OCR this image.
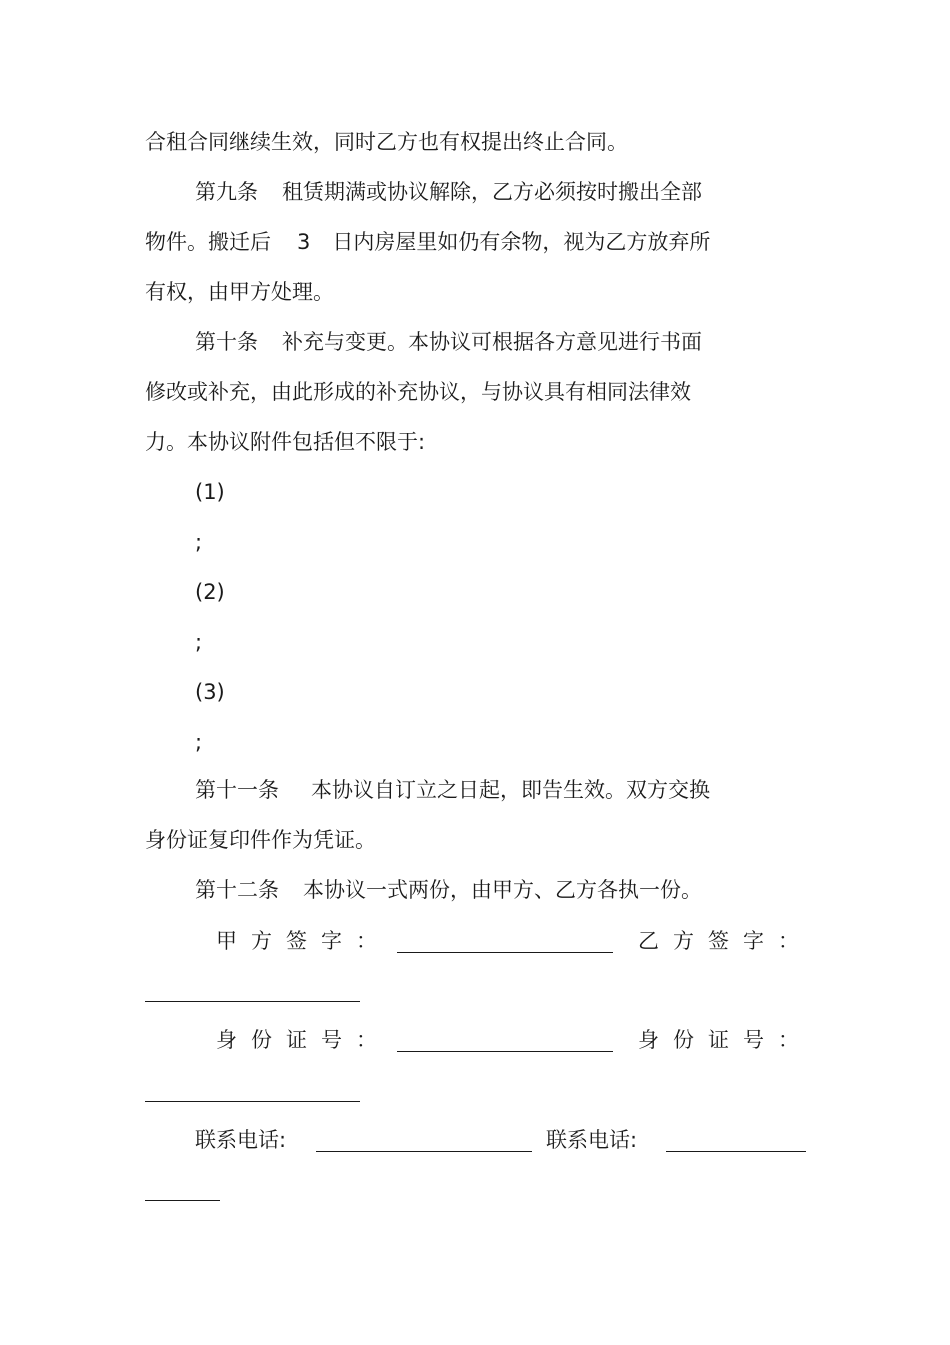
合租合同继续生效，同时乙方也有权提出终止合同。
第九条 租赁期满或协议解除，乙方必须按时搬出全部
物件。搬迁后 3 日内房屋里如仍有余物，视为乙方放弃所
有权，由甲方处理。
第十条 补充与变更。本协议可根据各方意见进行书面
修改或补充，由此形成的补充协议，与协议具有相同法律效
力。本协议附件包括但不限于:
(1)
;
(2)
;
(3)
;
第十一条 本协议自订立之日起，即告生效。双方交换
身份证复印件作为凭证。
第十二条 本协议一式两份，由甲方、乙方各执一份。
甲方签字：	乙方签字：
身份证号：	身份证号：
联系电话:	联系电话:
